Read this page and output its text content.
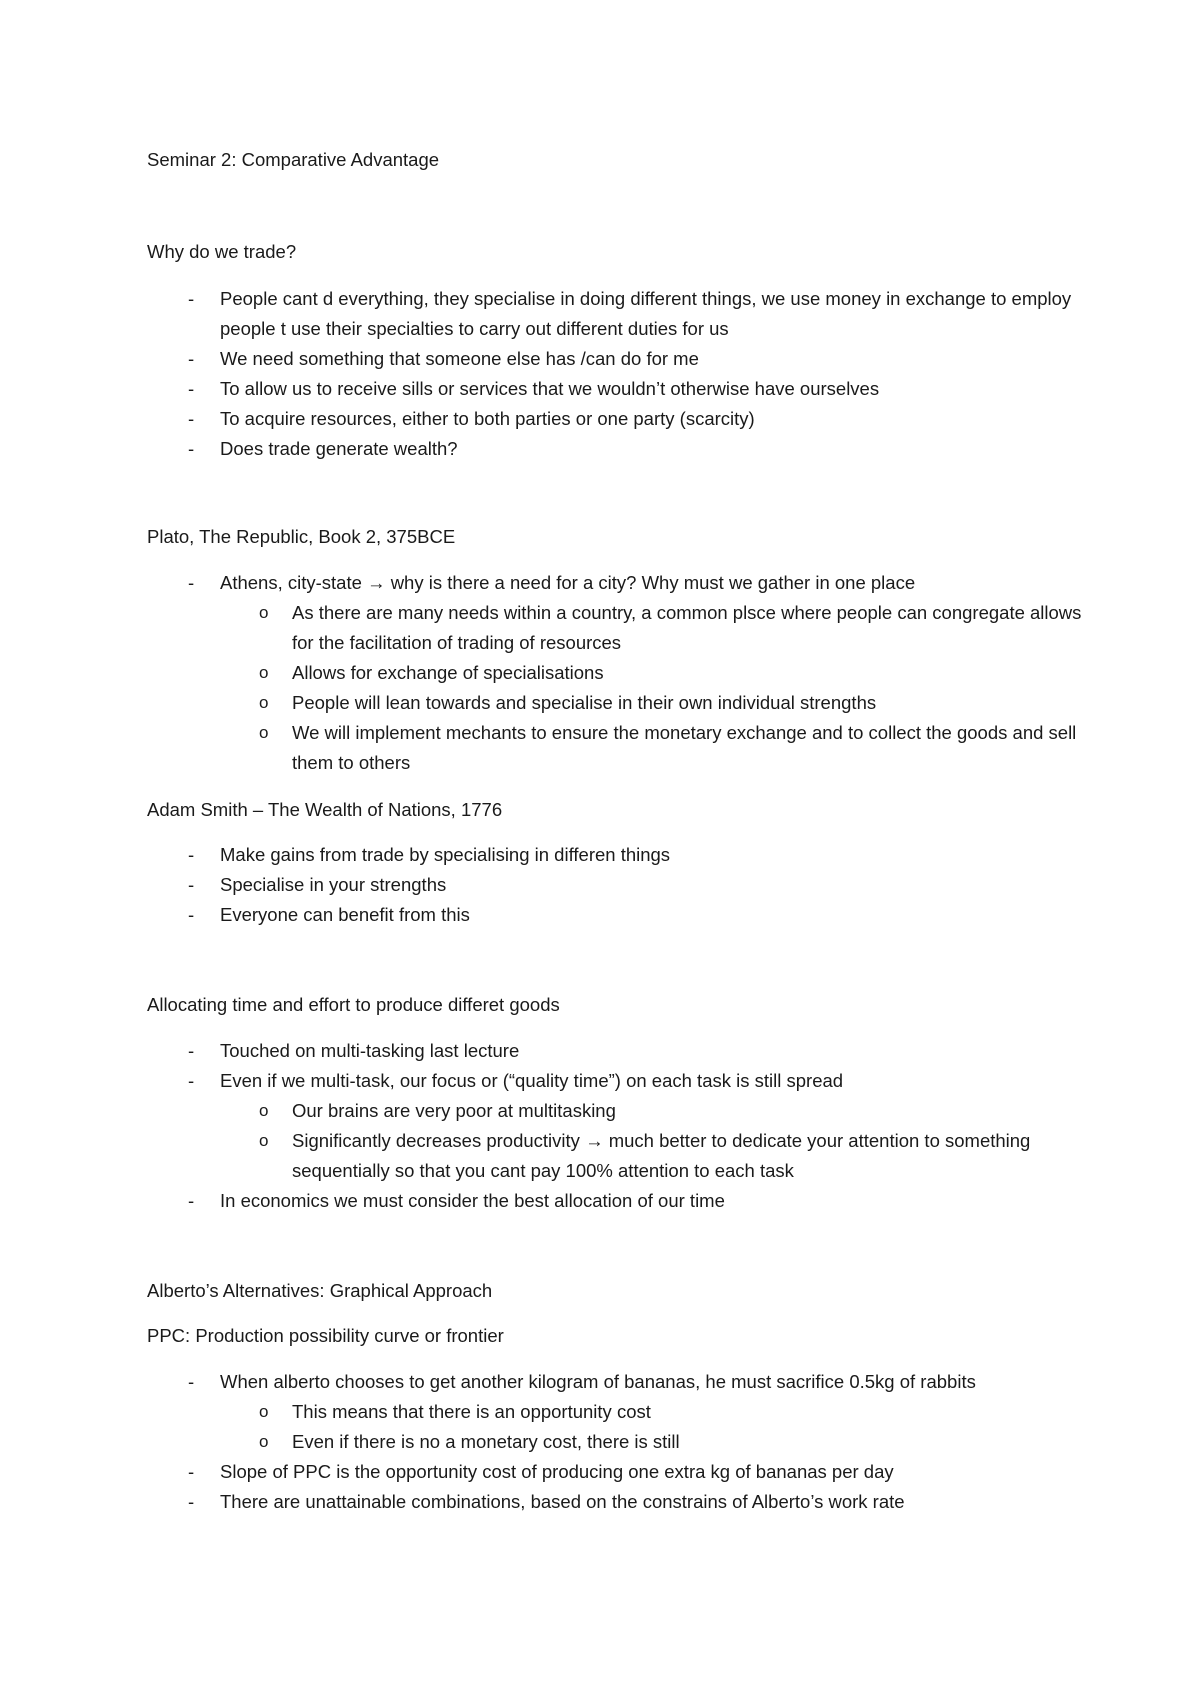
Seminar 2: Comparative Advantage
Why do we trade?
- People cant d everything, they specialise in doing different things, we use money in exchange to employ people t use their specialties to carry out different duties for us
- We need something that someone else has /can do for me
- To allow us to receive sills or services that we wouldn’t otherwise have ourselves
- To acquire resources, either to both parties or one party (scarcity)
- Does trade generate wealth?
Plato, The Republic, Book 2, 375BCE
- Athens, city-state → why is there a need for a city? Why must we gather in one place
o As there are many needs within a country, a common plsce where people can congregate allows for the facilitation of trading of resources
o Allows for exchange of specialisations
o People will lean towards and specialise in their own individual strengths
o We will implement mechants to ensure the monetary exchange and to collect the goods and sell them to others
Adam Smith – The Wealth of Nations, 1776
- Make gains from trade by specialising in differen things
- Specialise in your strengths
- Everyone can benefit from this
Allocating time and effort to produce differet goods
- Touched on multi-tasking last lecture
- Even if we multi-task, our focus or (“quality time”) on each task is still spread
o Our brains are very poor at multitasking
o Significantly decreases productivity → much better to dedicate your attention to something sequentially so that you cant pay 100% attention to each task
- In economics we must consider the best allocation of our time
Alberto’s Alternatives: Graphical Approach
PPC: Production possibility curve or frontier
- When alberto chooses to get another kilogram of bananas, he must sacrifice 0.5kg of rabbits
o This means that there is an opportunity cost
o Even if there is no a monetary cost, there is still
- Slope of PPC is the opportunity cost of producing one extra kg of bananas per day
- There are unattainable combinations, based on the constrains of Alberto’s work rate
